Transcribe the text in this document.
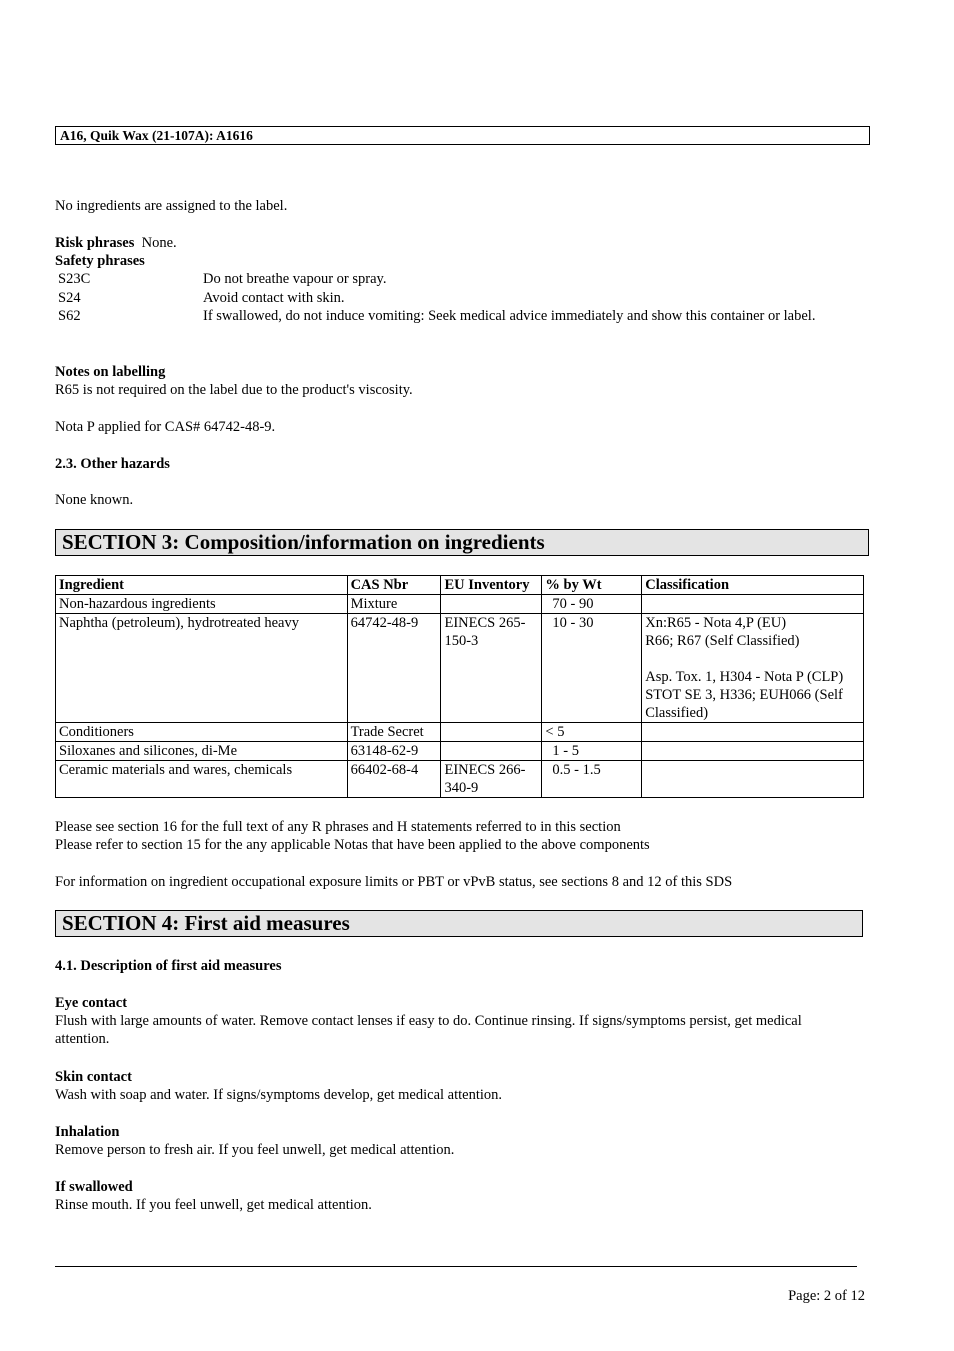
A16, Quik Wax (21-107A): A1616
No ingredients are assigned to the label.
Risk phrases None.
Safety phrases
S23C	Do not breathe vapour or spray.
S24	Avoid contact with skin.
S62	If swallowed, do not induce vomiting: Seek medical advice immediately and show this container or label.
Notes on labelling
R65 is not required on the label due to the product's viscosity.
Nota P applied for CAS# 64742-48-9.
2.3. Other hazards
None known.
SECTION 3: Composition/information on ingredients
Ingredient	CAS Nbr	EU Inventory	% by Wt	Classification
Non-hazardous ingredients	Mixture		70 - 90	
Naphtha (petroleum), hydrotreated heavy	64742-48-9	EINECS 265-150-3	10 - 30	Xn:R65 - Nota 4,P (EU)
R66; R67 (Self Classified)
Asp. Tox. 1, H304 - Nota P (CLP)
STOT SE 3, H336; EUH066 (Self Classified)

Conditioners	Trade Secret		< 5	
Siloxanes and silicones, di-Me	63148-62-9		1 - 5	
Ceramic materials and wares, chemicals	66402-68-4	EINECS 266-340-9	0.5 - 1.5	
Please see section 16 for the full text of any R phrases and H statements referred to in this section
Please refer to section 15 for the any applicable Notas that have been applied to the above components
For information on ingredient occupational exposure limits or PBT or vPvB status, see sections 8 and 12 of this SDS
SECTION 4: First aid measures
4.1. Description of first aid measures
Eye contact
Flush with large amounts of water. Remove contact lenses if easy to do. Continue rinsing. If signs/symptoms persist, get medical attention.
Skin contact
Wash with soap and water. If signs/symptoms develop, get medical attention.
Inhalation
Remove person to fresh air. If you feel unwell, get medical attention.
If swallowed
Rinse mouth. If you feel unwell, get medical attention.
Page: 2 of 12
